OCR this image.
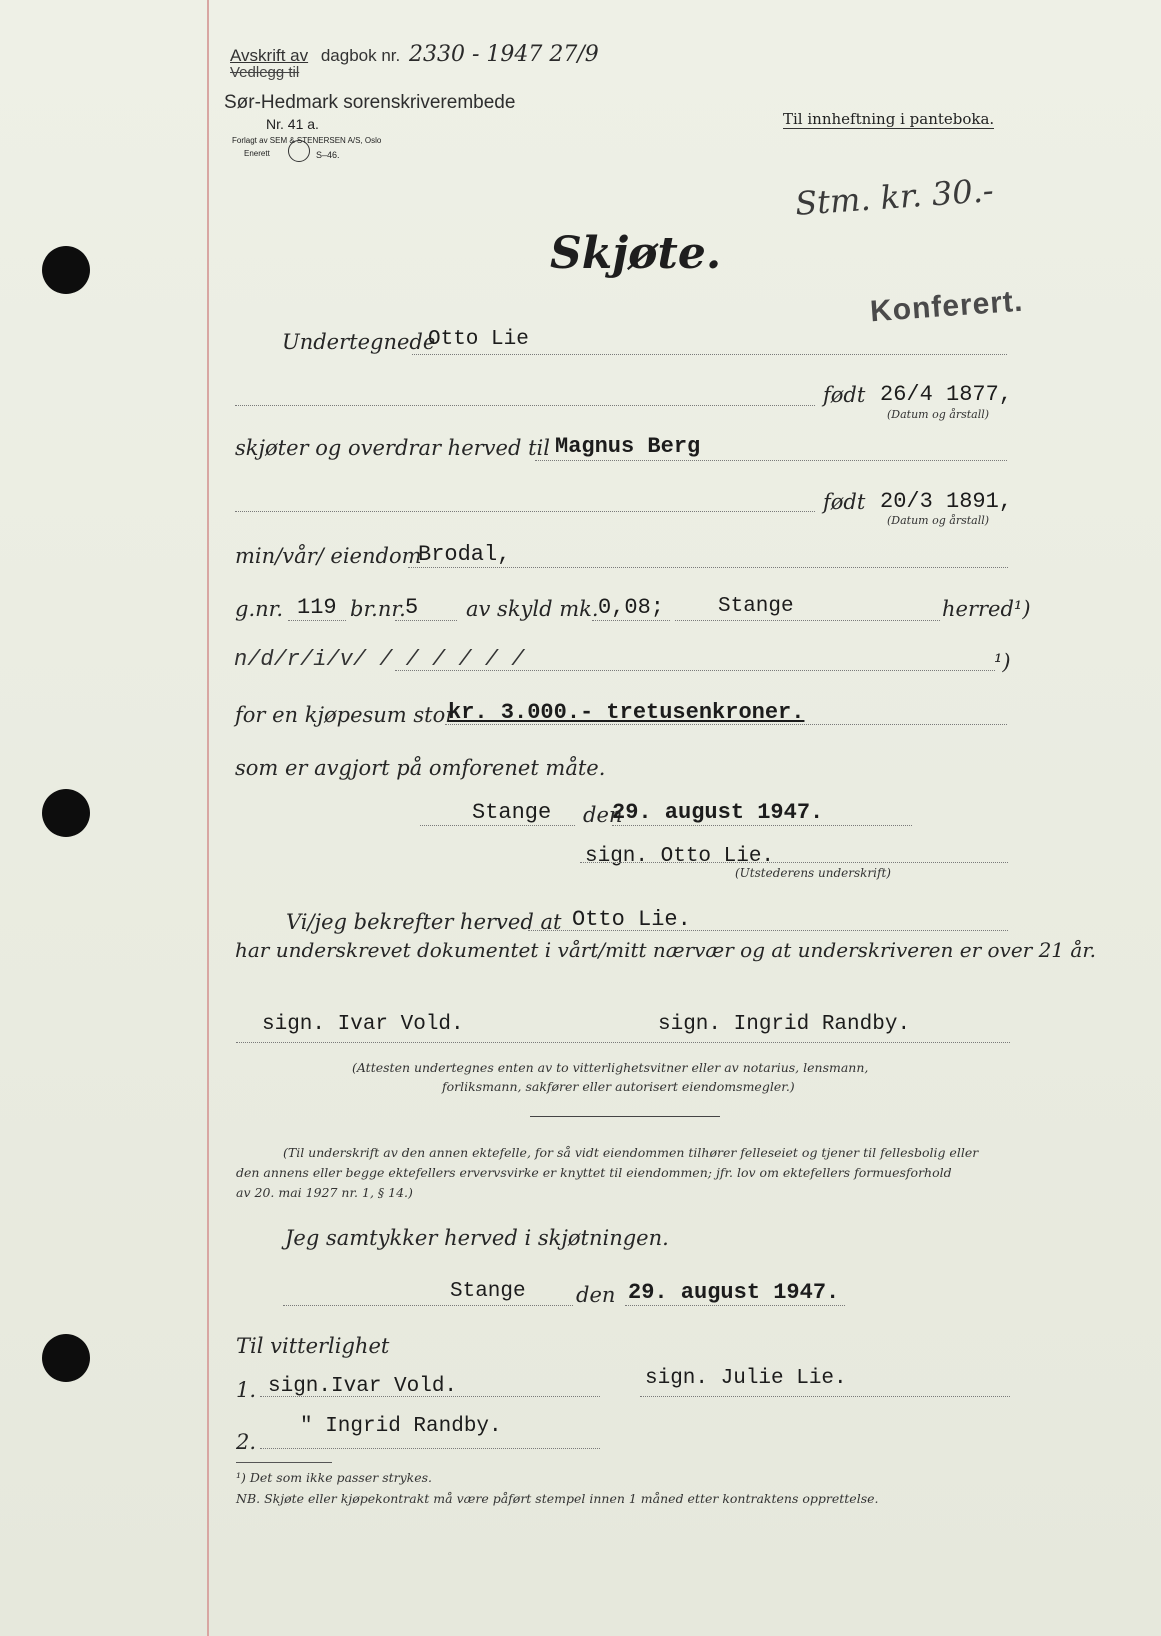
Avskrift av dagbok nr. 2330 - 1947 27/9
Vedlegg til
Sør-Hedmark sorenskriverembede
Nr. 41 a.
Forlagt av SEM & STENERSEN A/S, Oslo
Enerett	S–46.
Til innheftning i panteboka.
Stm. kr. 30.-
Konferert.
Skjøte.
Undertegnede
Otto Lie
født 26/4 1877,
(Datum og årstall)
skjøter og overdrar herved til Magnus Berg
født 20/3 1891,
(Datum og årstall)
min/vår/ eiendom
Brodal,
g.nr. 119 br.nr. 5 av skyld mk. 0,08;	Stange	herred¹)
n/d/r/i/v/ / / / / / /	¹)
for en kjøpesum stor
kr. 3.000.- tretusenkroner.
som er avgjort på omforenet måte.
Stange den
29. august 1947.
sign. Otto Lie.
(Utstederens underskrift)
Vi/jeg bekrefter herved at Otto Lie.
har underskrevet dokumentet i vårt/mitt nærvær og at underskriveren er over 21 år.
sign. Ivar Vold.	sign. Ingrid Randby.
(Attesten undertegnes enten av to vitterlighetsvitner eller av notarius, lensmann,
forliksmann, sakfører eller autorisert eiendomsmegler.)
(Til underskrift av den annen ektefelle, for så vidt eiendommen tilhører felleseiet og tjener til fellesbolig eller
den annens eller begge ektefellers ervervsvirke er knyttet til eiendommen; jfr. lov om ektefellers formuesforhold
av 20. mai 1927 nr. 1, § 14.)
Jeg samtykker herved i skjøtningen.
Stange den 29. august 1947.
Til vitterlighet
1. sign.Ivar Vold.	sign. Julie Lie.
2.
" Ingrid Randby.
¹) Det som ikke passer strykes.
NB. Skjøte eller kjøpekontrakt må være påført stempel innen 1 måned etter kontraktens opprettelse.
